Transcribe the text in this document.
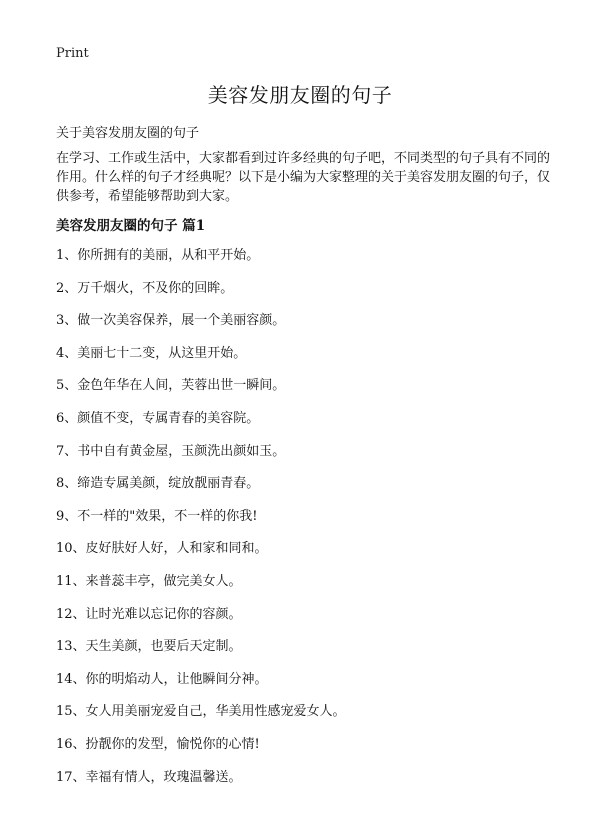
Print
美容发朋友圈的句子
关于美容发朋友圈的句子

在学习、工作或生活中，大家都看到过许多经典的句子吧，不同类型的句子具有不同的作用。什么样的句子才经典呢？以下是小编为大家整理的关于美容发朋友圈的句子，仅供参考，希望能够帮助到大家。

美容发朋友圈的句子 篇1
1、你所拥有的美丽，从和平开始。
2、万千烟火，不及你的回眸。
3、做一次美容保养，展一个美丽容颜。
4、美丽七十二变，从这里开始。
5、金色年华在人间，芙蓉出世一瞬间。
6、颜值不变，专属青春的美容院。
7、书中自有黄金屋，玉颜洗出颜如玉。
8、缔造专属美颜，绽放靓丽青春。
9、不一样的"效果，不一样的你我!
10、皮好肤好人好，人和家和同和。
11、来普蕊丰亭，做完美女人。
12、让时光难以忘记你的容颜。
13、天生美颜，也要后天定制。
14、你的明焰动人，让他瞬间分神。
15、女人用美丽宠爱自己，华美用性感宠爱女人。
16、扮靓你的发型，愉悦你的心情!
17、幸福有情人，玫瑰温馨送。
